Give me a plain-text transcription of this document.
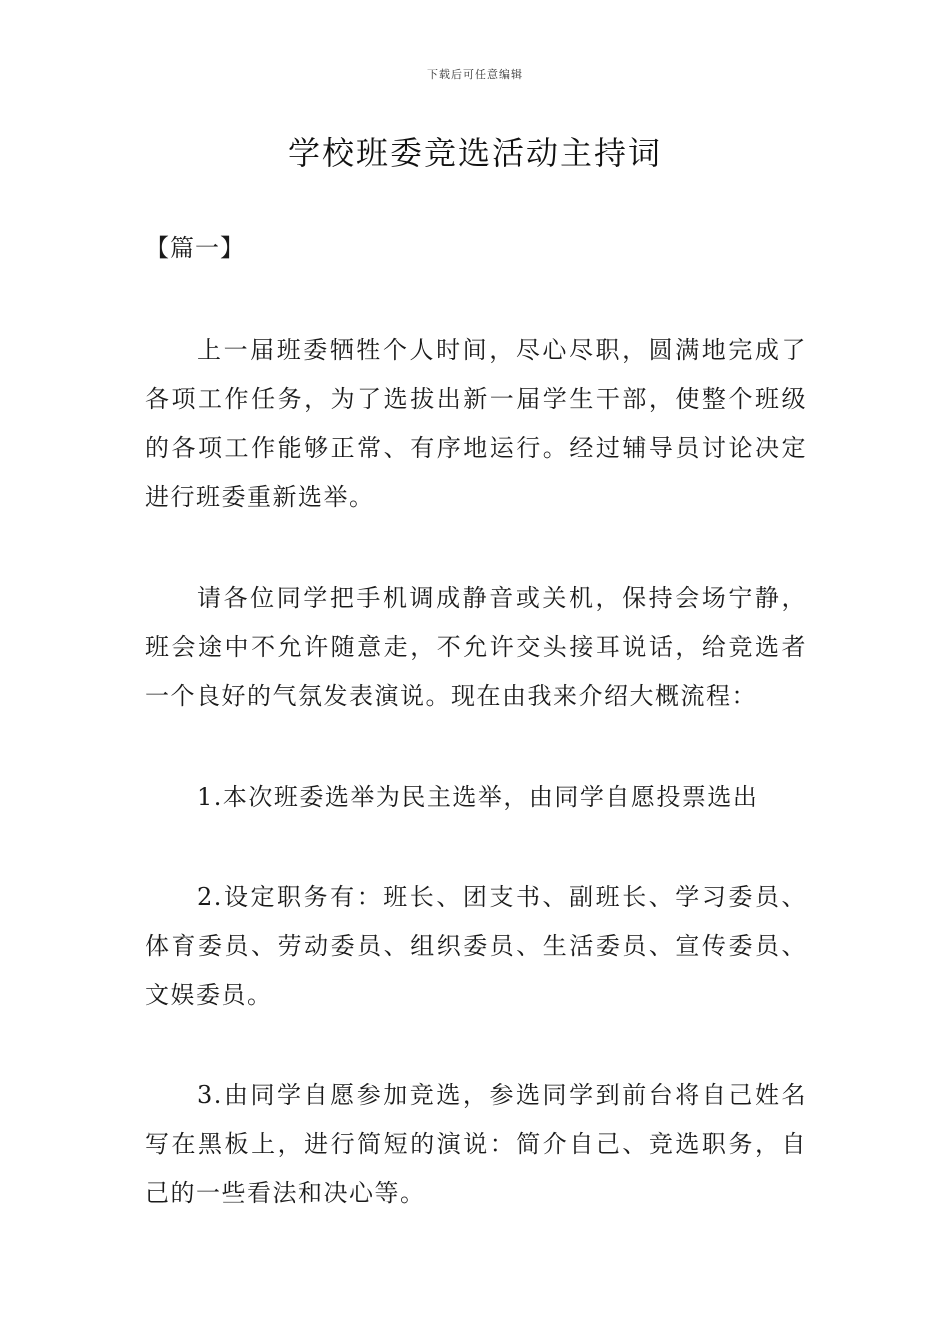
下载后可任意编辑
学校班委竞选活动主持词
【篇一】

上一届班委牺牲个人时间，尽心尽职，圆满地完成了各项工作任务，为了选拔出新一届学生干部，使整个班级的各项工作能够正常、有序地运行。经过辅导员讨论决定进行班委重新选举。

请各位同学把手机调成静音或关机，保持会场宁静，班会途中不允许随意走，不允许交头接耳说话，给竞选者一个良好的气氛发表演说。现在由我来介绍大概流程：

1.本次班委选举为民主选举，由同学自愿投票选出

2.设定职务有：班长、团支书、副班长、学习委员、体育委员、劳动委员、组织委员、生活委员、宣传委员、文娱委员。

3.由同学自愿参加竞选，参选同学到前台将自己姓名写在黑板上，进行简短的演说：简介自己、竞选职务，自己的一些看法和决心等。
